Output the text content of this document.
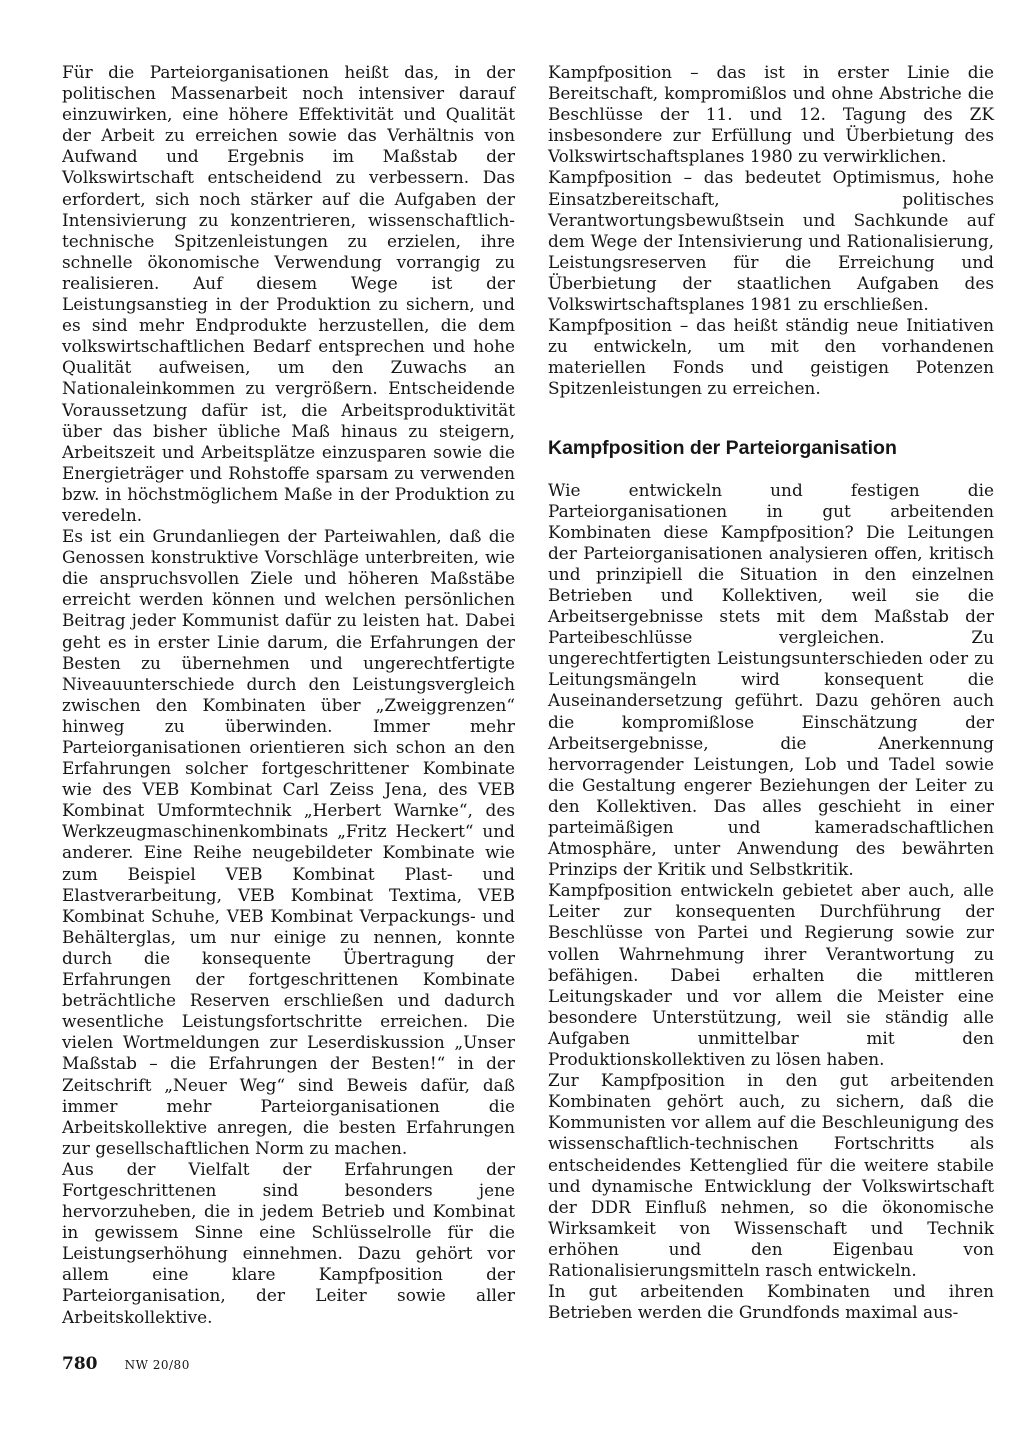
Für die Parteiorganisationen heißt das, in der politischen Massenarbeit noch intensiver darauf einzuwirken, eine höhere Effektivität und Qualität der Arbeit zu erreichen sowie das Verhältnis von Aufwand und Ergebnis im Maßstab der Volkswirtschaft entscheidend zu verbessern. Das erfordert, sich noch stärker auf die Aufgaben der Intensivierung zu konzentrieren, wissenschaftlich-technische Spitzenleistungen zu erzielen, ihre schnelle ökonomische Verwendung vorrangig zu realisieren. Auf diesem Wege ist der Leistungsanstieg in der Produktion zu sichern, und es sind mehr Endprodukte herzustellen, die dem volkswirtschaftlichen Bedarf entsprechen und hohe Qualität aufweisen, um den Zuwachs an Nationaleinkommen zu vergrößern. Entscheidende Voraussetzung dafür ist, die Arbeitsproduktivität über das bisher übliche Maß hinaus zu steigern, Arbeitszeit und Arbeitsplätze einzusparen sowie die Energieträger und Rohstoffe sparsam zu verwenden bzw. in höchstmöglichem Maße in der Produktion zu veredeln.

Es ist ein Grundanliegen der Parteiwahlen, daß die Genossen konstruktive Vorschläge unterbreiten, wie die anspruchsvollen Ziele und höheren Maßstäbe erreicht werden können und welchen persönlichen Beitrag jeder Kommunist dafür zu leisten hat. Dabei geht es in erster Linie darum, die Erfahrungen der Besten zu übernehmen und ungerechtfertigte Niveauunterschiede durch den Leistungsvergleich zwischen den Kombinaten über „Zweiggrenzen“ hinweg zu überwinden. Immer mehr Parteiorganisationen orientieren sich schon an den Erfahrungen solcher fortgeschrittener Kombinate wie des VEB Kombinat Carl Zeiss Jena, des VEB Kombinat Umformtechnik „Herbert Warnke“, des Werkzeugmaschinenkombinats „Fritz Heckert“ und anderer. Eine Reihe neugebildeter Kombinate wie zum Beispiel VEB Kombinat Plast- und Elastverarbeitung, VEB Kombinat Textima, VEB Kombinat Schuhe, VEB Kombinat Verpackungs- und Behälterglas, um nur einige zu nennen, konnte durch die konsequente Übertragung der Erfahrungen der fortgeschrittenen Kombinate beträchtliche Reserven erschließen und dadurch wesentliche Leistungsfortschritte erreichen. Die vielen Wortmeldungen zur Leserdiskussion „Unser Maßstab – die Erfahrungen der Besten!“ in der Zeitschrift „Neuer Weg“ sind Beweis dafür, daß immer mehr Parteiorganisationen die Arbeitskollektive anregen, die besten Erfahrungen zur gesellschaftlichen Norm zu machen.

Aus der Vielfalt der Erfahrungen der Fortgeschrittenen sind besonders jene hervorzuheben, die in jedem Betrieb und Kombinat in gewissem Sinne eine Schlüsselrolle für die Leistungserhöhung einnehmen. Dazu gehört vor allem eine klare Kampfposition der Parteiorganisation, der Leiter sowie aller Arbeitskollektive.

Kampfposition – das ist in erster Linie die Bereitschaft, kompromißlos und ohne Abstriche die Beschlüsse der 11. und 12. Tagung des ZK insbesondere zur Erfüllung und Überbietung des Volkswirtschaftsplanes 1980 zu verwirklichen.

Kampfposition – das bedeutet Optimismus, hohe Einsatzbereitschaft, politisches Verantwortungsbewußtsein und Sachkunde auf dem Wege der Intensivierung und Rationalisierung, Leistungsreserven für die Erreichung und Überbietung der staatlichen Aufgaben des Volkswirtschaftsplanes 1981 zu erschließen.

Kampfposition – das heißt ständig neue Initiativen zu entwickeln, um mit den vorhandenen materiellen Fonds und geistigen Potenzen Spitzenleistungen zu erreichen.

Kampfposition der Parteiorganisation

Wie entwickeln und festigen die Parteiorganisationen in gut arbeitenden Kombinaten diese Kampfposition? Die Leitungen der Parteiorganisationen analysieren offen, kritisch und prinzipiell die Situation in den einzelnen Betrieben und Kollektiven, weil sie die Arbeitsergebnisse stets mit dem Maßstab der Parteibeschlüsse vergleichen. Zu ungerechtfertigten Leistungsunterschieden oder zu Leitungsmängeln wird konsequent die Auseinandersetzung geführt. Dazu gehören auch die kompromißlose Einschätzung der Arbeitsergebnisse, die Anerkennung hervorragender Leistungen, Lob und Tadel sowie die Gestaltung engerer Beziehungen der Leiter zu den Kollektiven. Das alles geschieht in einer parteimäßigen und kameradschaftlichen Atmosphäre, unter Anwendung des bewährten Prinzips der Kritik und Selbstkritik.

Kampfposition entwickeln gebietet aber auch, alle Leiter zur konsequenten Durchführung der Beschlüsse von Partei und Regierung sowie zur vollen Wahrnehmung ihrer Verantwortung zu befähigen. Dabei erhalten die mittleren Leitungskader und vor allem die Meister eine besondere Unterstützung, weil sie ständig alle Aufgaben unmittelbar mit den Produktionskollektiven zu lösen haben.

Zur Kampfposition in den gut arbeitenden Kombinaten gehört auch, zu sichern, daß die Kommunisten vor allem auf die Beschleunigung des wissenschaftlich-technischen Fortschritts als entscheidendes Kettenglied für die weitere stabile und dynamische Entwicklung der Volkswirtschaft der DDR Einfluß nehmen, so die ökonomische Wirksamkeit von Wissenschaft und Technik erhöhen und den Eigenbau von Rationalisierungsmitteln rasch entwickeln.

In gut arbeitenden Kombinaten und ihren Betrieben werden die Grundfonds maximal aus-

780 NW 20/80
